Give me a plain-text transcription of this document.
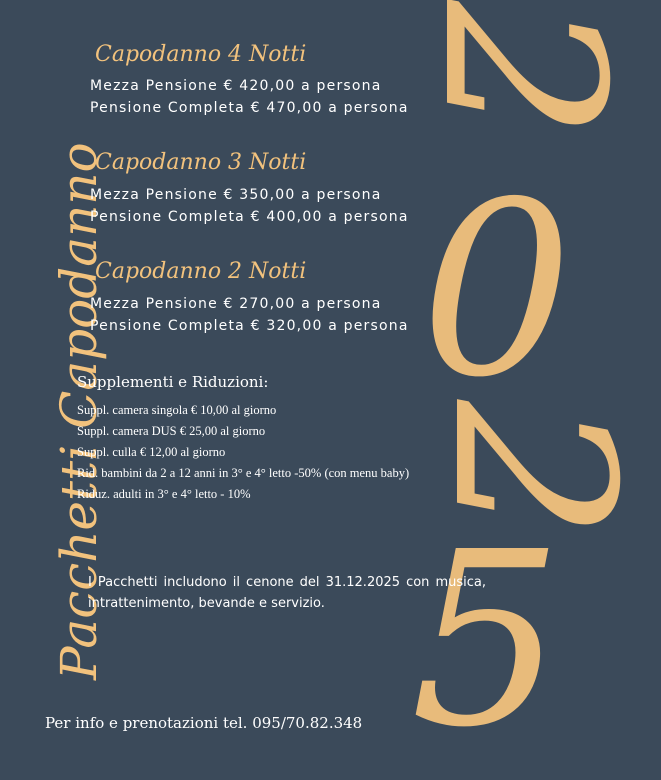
2
0
2
5
Pacchetti Capodanno
Capodanno 4 Notti
Mezza Pensione € 420,00 a persona
Pensione Completa € 470,00 a persona
Capodanno 3 Notti
Mezza Pensione € 350,00 a persona
Pensione Completa € 400,00 a persona
Capodanno 2 Notti
Mezza Pensione € 270,00 a persona
Pensione Completa € 320,00 a persona
Supplementi e Riduzioni:
Suppl. camera singola € 10,00 al giorno
Suppl. camera DUS € 25,00 al giorno
Suppl. culla € 12,00 al giorno
Rid. bambini da 2 a 12 anni in 3° e 4° letto -50% (con menu baby)
Riduz. adulti in 3° e 4° letto - 10%
I Pacchetti includono il cenone del 31.12.2025 con musica, intrattenimento, bevande e servizio.
Per info e prenotazioni tel. 095/70.82.348
